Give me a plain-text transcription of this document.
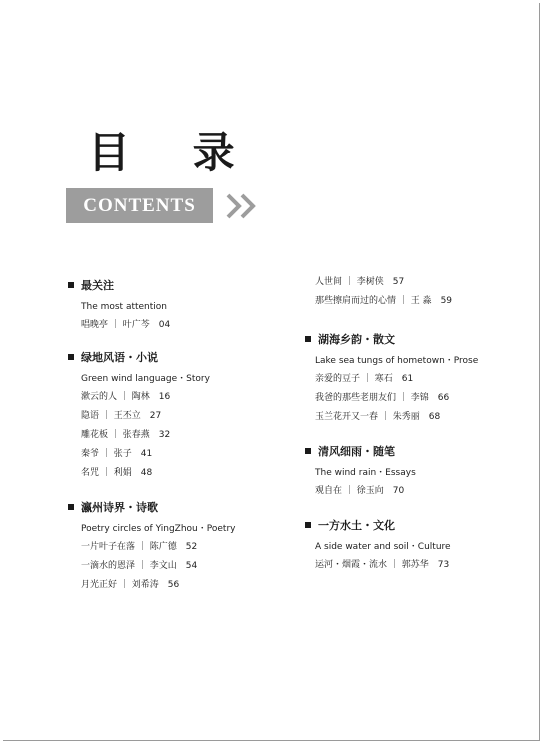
目 录
CONTENTS
最关注
The most attention
唱晚亭 ｜ 叶广芩　04
绿地风语・小说
Green wind language・Story
漱云的人 ｜ 陶林　16
隐语 ｜ 王丕立　27
雕花板 ｜ 张春燕　32
秦爷 ｜ 张子　41
名咒 ｜ 利娟　48
瀛州诗界・诗歌
Poetry circles of YingZhou・Poetry
一片叶子在落 ｜ 陈广德　52
一滴水的恩泽 ｜ 李文山　54
月光正好 ｜ 刘希涛　56
人世间 ｜ 李树侠　57
那些擦肩而过的心情 ｜ 王 淼　59
湖海乡韵・散文
Lake sea tungs of hometown・Prose
亲爱的豆子 ｜ 寒石　61
我爸的那些老朋友们 ｜ 李锦　66
玉兰花开又一春 ｜ 朱秀丽　68
清风细雨・随笔
The wind rain・Essays
观自在 ｜ 徐玉向　70
一方水土・文化
A side water and soil・Culture
运河・烟霞・流水 ｜ 郭苏华　73
